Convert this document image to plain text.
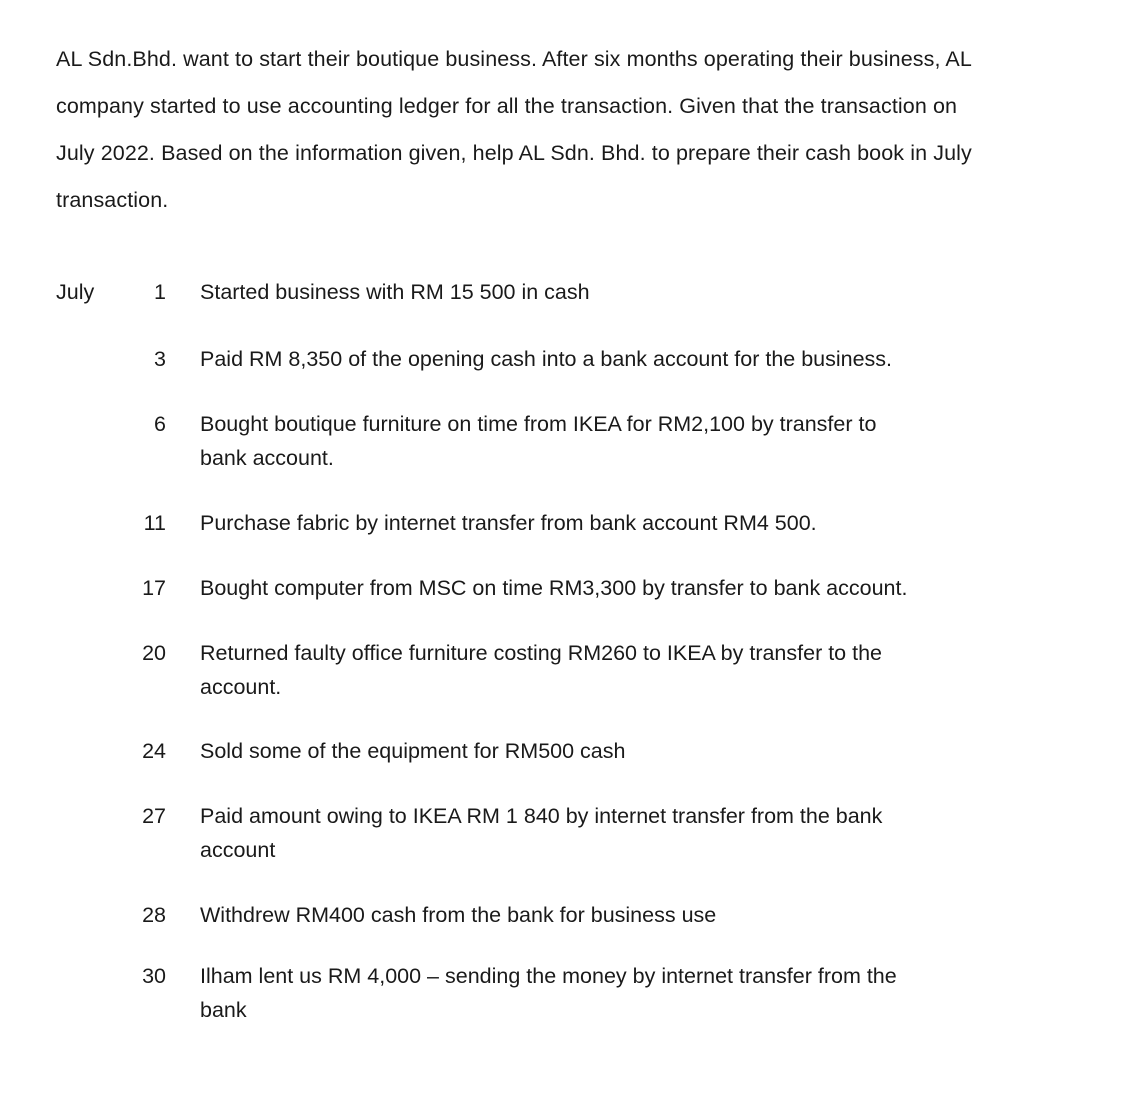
AL Sdn.Bhd. want to start their boutique business. After six months operating their business, AL

company started to use accounting ledger for all the transaction. Given that the transaction on

July 2022. Based on the information given, help AL Sdn. Bhd. to prepare their cash book in July

transaction.

July	1 Started business with RM 15 500 in cash
3 Paid RM 8,350 of the opening cash into a bank account for the business.
6 Bought boutique furniture on time from IKEA for RM2,100 by transfer to
bank account.
11 Purchase fabric by internet transfer from bank account RM4 500.
17 Bought computer from MSC on time RM3,300 by transfer to bank account.
20 Returned faulty office furniture costing RM260 to IKEA by transfer to the
account.
24 Sold some of the equipment for RM500 cash
27 Paid amount owing to IKEA RM 1 840 by internet transfer from the bank
account
28 Withdrew RM400 cash from the bank for business use
30 Ilham lent us RM 4,000 – sending the money by internet transfer from the
bank
